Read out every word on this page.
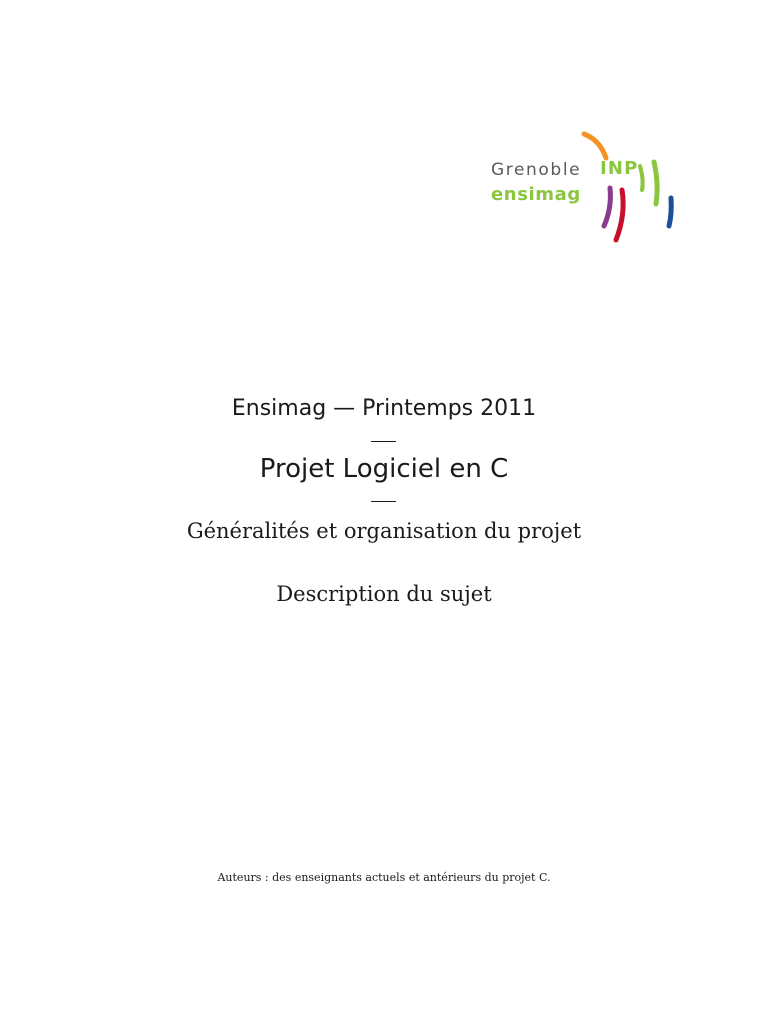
Grenoble INP
ensimag
Ensimag — Printemps 2011
Projet Logiciel en C
Généralités et organisation du projet
Description du sujet
Auteurs : des enseignants actuels et antérieurs du projet C.
